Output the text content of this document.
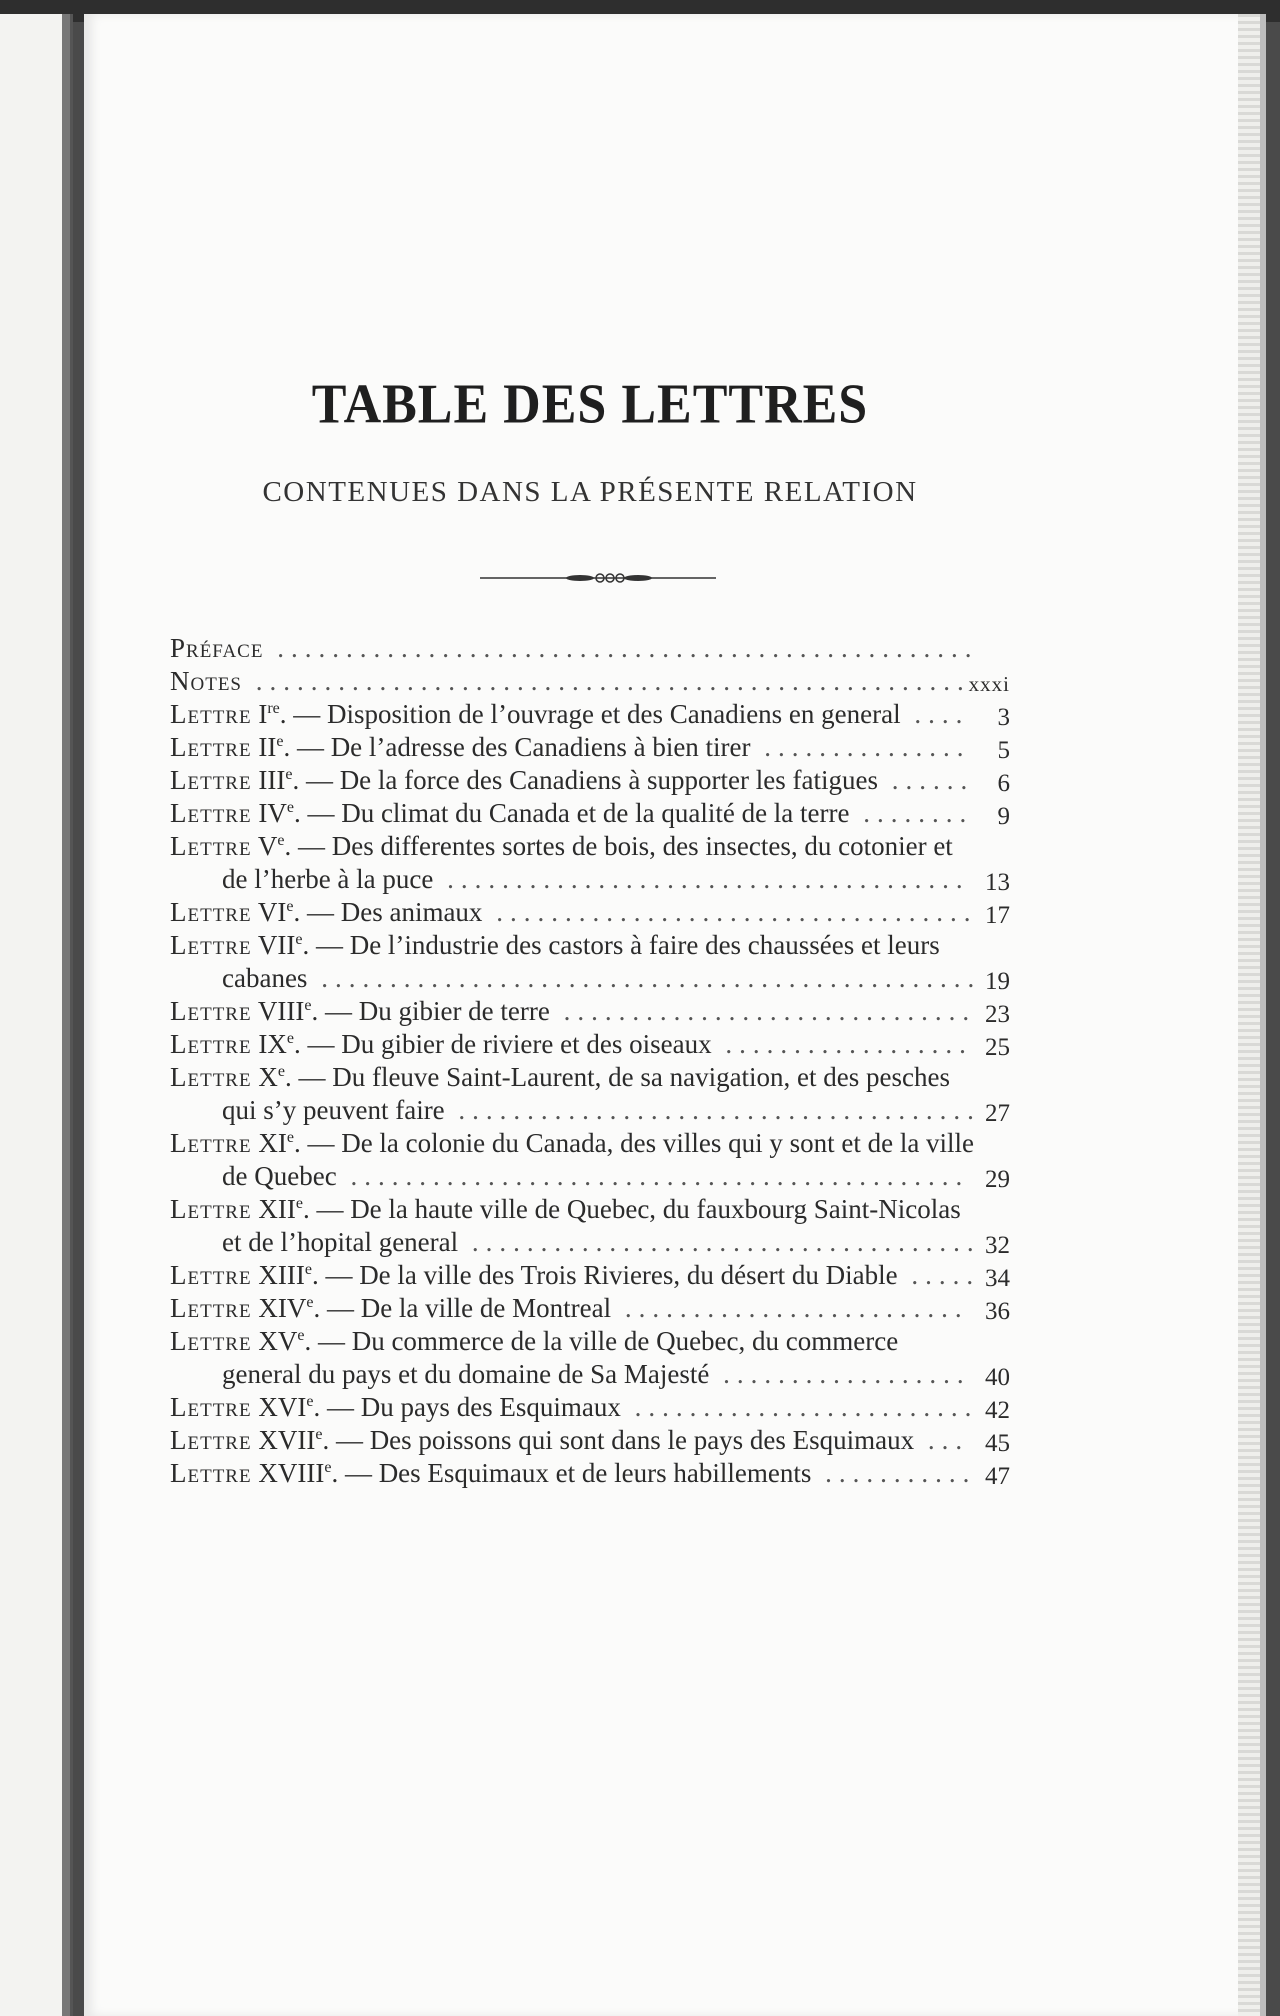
TABLE DES LETTRES
CONTENUES DANS LA PRÉSENTE RELATION
Préface ...................................................
Notes ....................................................
xxxi
Lettre Ire. — Disposition de l’ouvrage et des Canadiens en general ....	3
Lettre IIe. — De l’adresse des Canadiens à bien tirer ...............	5
Lettre IIIe. — De la force des Canadiens à supporter les fatigues ...... 6
Lettre IVe. — Du climat du Canada et de la qualité de la terre ........ 9
Lettre Ve. — Des differentes sortes de bois, des insectes, du cotonier et de l’herbe à la puce ...................................... 13
Lettre VIe. — Des animaux ................................... 17
Lettre VIIe. — De l’industrie des castors à faire des chaussées et leurs cabanes ................................................ 19
Lettre VIIIe. — Du gibier de terre .............................. 23
Lettre IXe. — Du gibier de riviere et des oiseaux .................. 25
Lettre Xe. — Du fleuve Saint-Laurent, de sa navigation, et des pesches qui s’y peuvent faire ...................................... 27
Lettre XIe. — De la colonie du Canada, des villes qui y sont et de la ville de Quebec ............................................. 29
Lettre XIIe. — De la haute ville de Quebec, du fauxbourg Saint-Nicolas et de l’hopital general ..................................... 32
Lettre XIIIe. — De la ville des Trois Rivieres, du désert du Diable ..... 34
Lettre XIVe. — De la ville de Montreal ......................... 36
Lettre XVe. — Du commerce de la ville de Quebec, du commerce general du pays et du domaine de Sa Majesté .................. 40
Lettre XVIe. — Du pays des Esquimaux ......................... 42
Lettre XVIIe. — Des poissons qui sont dans le pays des Esquimaux ... 45
Lettre XVIIIe. — Des Esquimaux et de leurs habillements ........... 47
